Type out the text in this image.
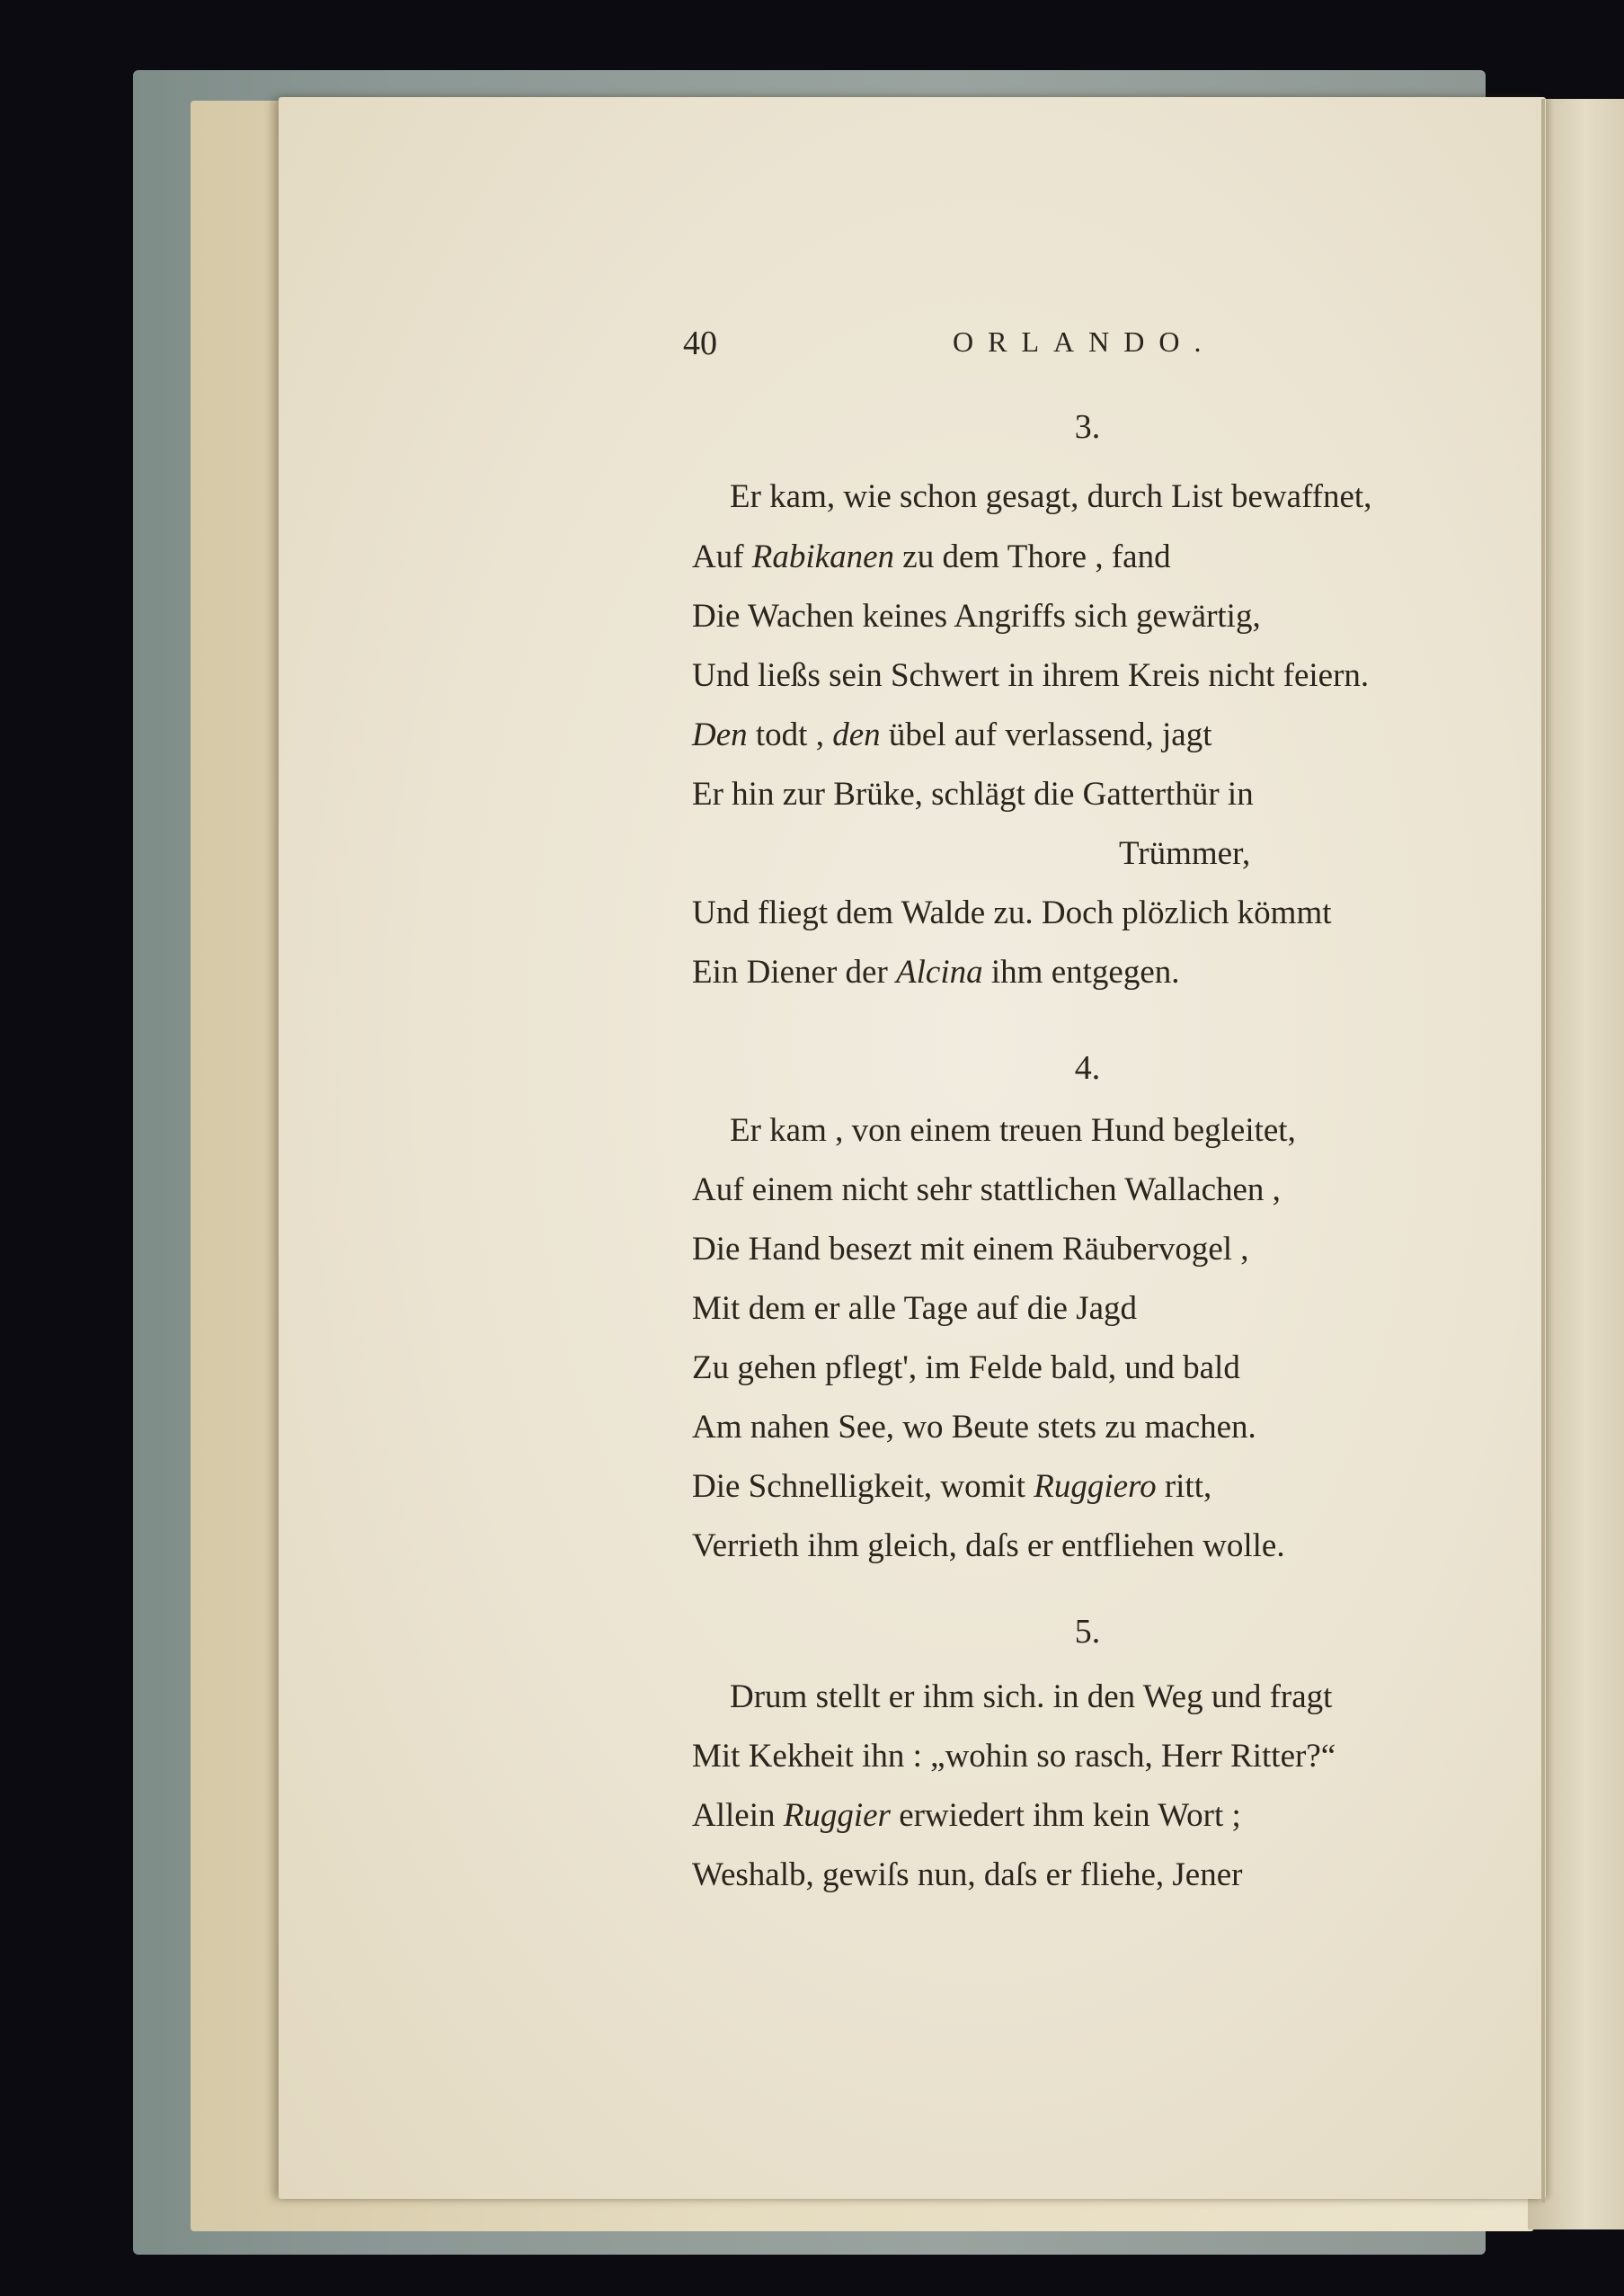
40	ORLANDO.
3.
Er kam, wie schon gesagt, durch List bewaffnet,
Auf Rabikanen zu dem Thore , fand
Die Wachen keines Angriffs sich gewärtig,
Und ließs sein Schwert in ihrem Kreis nicht feiern.
Den todt , den übel auf verlassend, jagt
Er hin zur Brüke, schlägt die Gatterthür in
Trümmer,
Und fliegt dem Walde zu. Doch plözlich kömmt
Ein Diener der Alcina ihm entgegen.
4.
Er kam , von einem treuen Hund begleitet,
Auf einem nicht sehr stattlichen Wallachen ,
Die Hand besezt mit einem Räubervogel ,
Mit dem er alle Tage auf die Jagd
Zu gehen pflegt', im Felde bald, und bald
Am nahen See, wo Beute stets zu machen.
Die Schnelligkeit, womit Ruggiero ritt,
Verrieth ihm gleich, daſs er entfliehen wolle.
5.
Drum stellt er ihm sich. in den Weg und fragt
Mit Kekheit ihn : „wohin so rasch, Herr Ritter?“
Allein Ruggier erwiedert ihm kein Wort ;
Weshalb, gewiſs nun, daſs er fliehe, Jener
